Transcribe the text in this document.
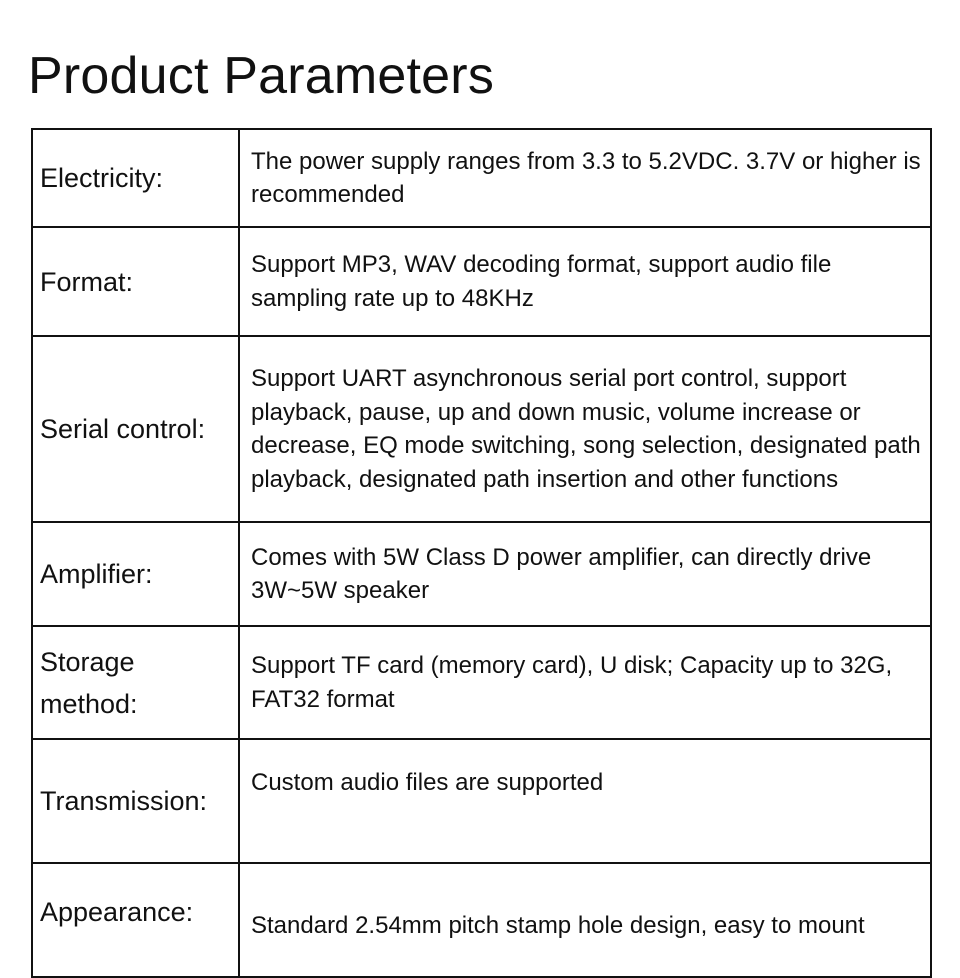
Product Parameters
Electricity:	The power supply ranges from 3.3 to 5.2VDC. 3.7V or higher is recommended
Format:	Support MP3, WAV decoding format, support audio file sampling rate up to 48KHz
Serial control:	Support UART asynchronous serial port control, support playback, pause, up and down music, volume increase or decrease, EQ mode switching, song selection, designated path playback, designated path insertion and other functions
Amplifier:	Comes with 5W Class D power amplifier, can directly drive 3W~5W speaker
Storage method:	Support TF card (memory card), U disk; Capacity up to 32G, FAT32 format
Transmission:	Custom audio files are supported
Appearance:	Standard 2.54mm pitch stamp hole design, easy to mount
